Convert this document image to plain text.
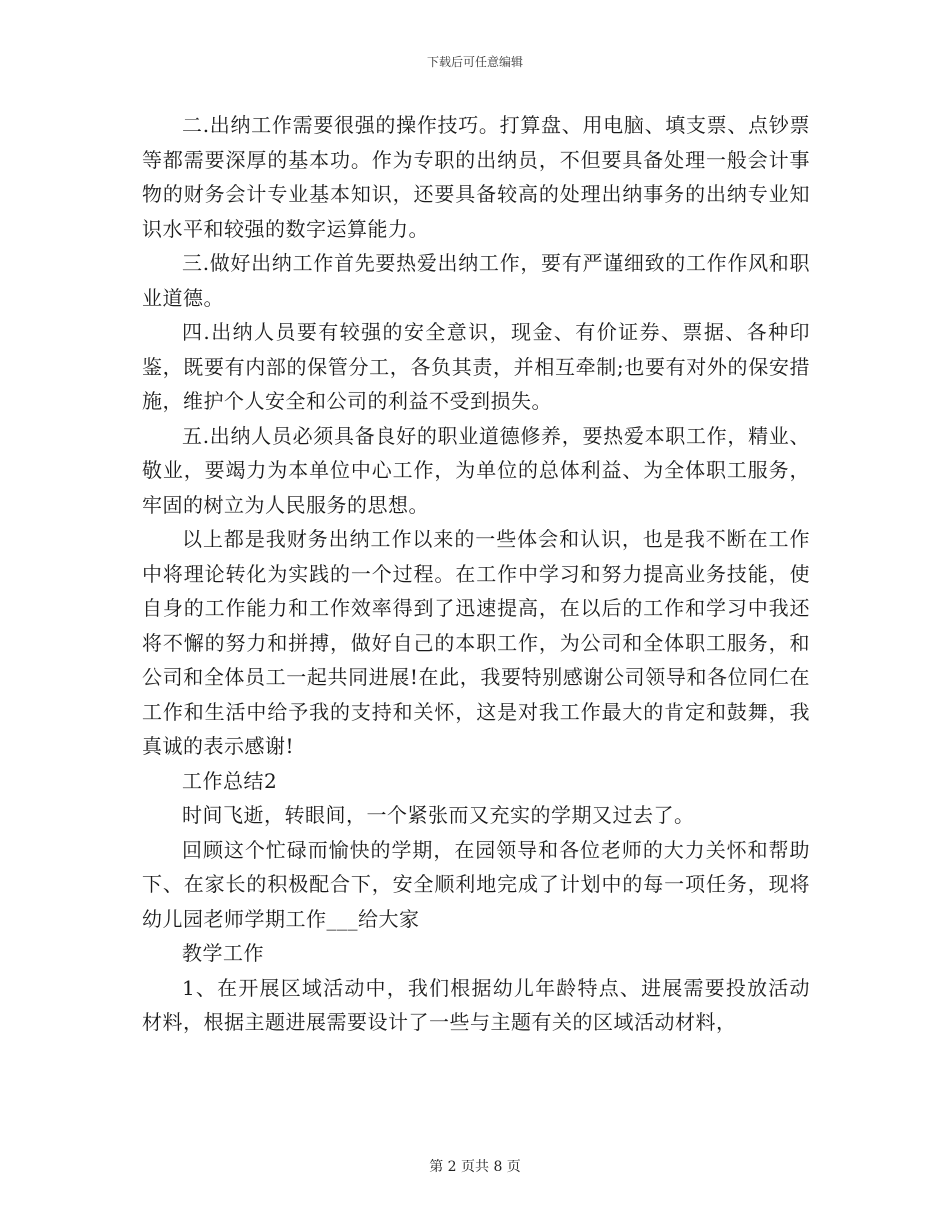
下载后可任意编辑

二.出纳工作需要很强的操作技巧。打算盘、用电脑、填支票、点钞票等都需要深厚的基本功。作为专职的出纳员，不但要具备处理一般会计事物的财务会计专业基本知识，还要具备较高的处理出纳事务的出纳专业知识水平和较强的数字运算能力。

三.做好出纳工作首先要热爱出纳工作，要有严谨细致的工作作风和职业道德。

四.出纳人员要有较强的安全意识，现金、有价证券、票据、各种印鉴，既要有内部的保管分工，各负其责，并相互牵制;也要有对外的保安措施，维护个人安全和公司的利益不受到损失。

五.出纳人员必须具备良好的职业道德修养，要热爱本职工作，精业、敬业，要竭力为本单位中心工作，为单位的总体利益、为全体职工服务，牢固的树立为人民服务的思想。

以上都是我财务出纳工作以来的一些体会和认识，也是我不断在工作中将理论转化为实践的一个过程。在工作中学习和努力提高业务技能，使自身的工作能力和工作效率得到了迅速提高，在以后的工作和学习中我还将不懈的努力和拼搏，做好自己的本职工作，为公司和全体职工服务，和公司和全体员工一起共同进展!在此，我要特别感谢公司领导和各位同仁在工作和生活中给予我的支持和关怀，这是对我工作最大的肯定和鼓舞，我真诚的表示感谢!

工作总结2

时间飞逝，转眼间，一个紧张而又充实的学期又过去了。

回顾这个忙碌而愉快的学期，在园领导和各位老师的大力关怀和帮助下、在家长的积极配合下，安全顺利地完成了计划中的每一项任务，现将幼儿园老师学期工作___给大家

教学工作

1、在开展区域活动中，我们根据幼儿年龄特点、进展需要投放活动材料，根据主题进展需要设计了一些与主题有关的区域活动材料，

第 2 页共 8 页
